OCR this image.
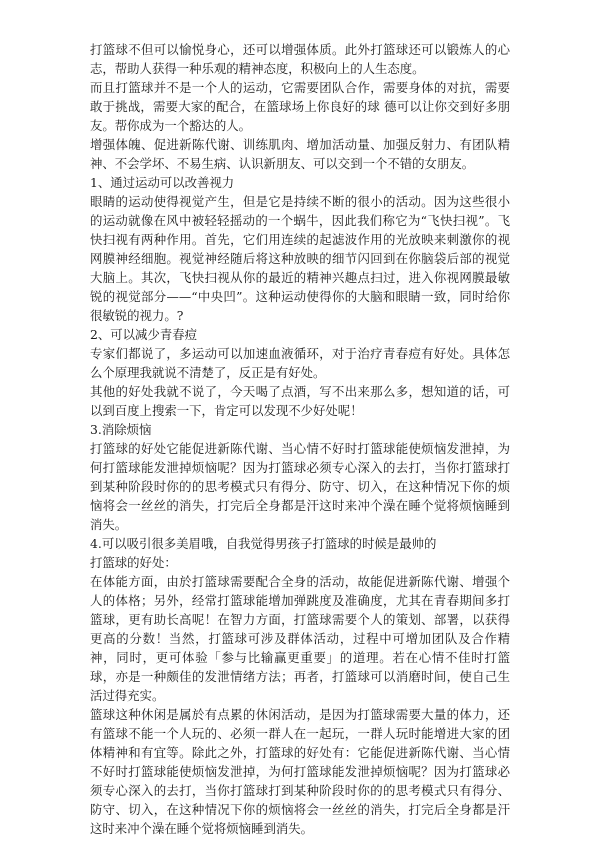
打篮球不但可以愉悦身心，还可以增强体质。此外打篮球还可以锻炼人的心志，帮助人获得一种乐观的精神态度，积极向上的人生态度。

而且打篮球并不是一个人的运动，它需要团队合作，需要身体的对抗，需要敢于挑战，需要大家的配合，在篮球场上你良好的球 德可以让你交到好多朋友。帮你成为一个豁达的人。

增强体魄、促进新陈代谢、训练肌肉、增加活动量、加强反射力、有团队精神、不会学坏、不易生病、认识新朋友、可以交到一个不错的女朋友。

1、通过运动可以改善视力

眼睛的运动使得视觉产生，但是它是持续不断的很小的活动。因为这些很小的运动就像在风中被轻轻摇动的一个蜗牛，因此我们称它为“飞快扫视”。飞快扫视有两种作用。首先，它们用连续的起滤波作用的光放映来刺激你的视网膜神经细胞。视觉神经随后将这种放映的细节闪回到在你脑袋后部的视觉大脑上。其次，飞快扫视从你的最近的精神兴趣点扫过，进入你视网膜最敏锐的视觉部分——“中央凹”。这种运动使得你的大脑和眼睛一致，同时给你很敏锐的视力。?

2、可以减少青春痘

专家们都说了，多运动可以加速血液循环，对于治疗青春痘有好处。具体怎么个原理我就说不清楚了，反正是有好处。

其他的好处我就不说了，今天喝了点酒，写不出来那么多，想知道的话，可以到百度上搜索一下，肯定可以发现不少好处呢！

3.消除烦恼

打篮球的好处它能促进新陈代谢、当心情不好时打篮球能使烦恼发泄掉，为何打篮球能发泄掉烦恼呢？因为打篮球必须专心深入的去打，当你打篮球打到某种阶段时你的的思考模式只有得分、防守、切入，在这种情况下你的烦恼将会一丝丝的消失，打完后全身都是汗这时来冲个澡在睡个觉将烦恼睡到消失。

4.可以吸引很多美眉哦，自我觉得男孩子打篮球的时候是最帅的

打篮球的好处：

在体能方面，由於打篮球需要配合全身的活动，故能促进新陈代谢、增强个人的体格；另外，经常打篮球能增加弹跳度及准确度，尤其在青春期间多打篮球，更有助长高呢！在智力方面，打篮球需要个人的策划、部署，以获得更高的分数！当然，打篮球可涉及群体活动，过程中可增加团队及合作精神，同时，更可体验「参与比输赢更重要」的道理。若在心情不佳时打篮球，亦是一种颇佳的发泄情绪方法；再者，打篮球可以消磨时间，使自己生活过得充实。

篮球这种休闲是属於有点累的休闲活动，是因为打篮球需要大量的体力，还有篮球不能一个人玩的、必须一群人在一起玩，一群人玩时能增进大家的团体精神和有宜等。除此之外，打篮球的好处有：它能促进新陈代谢、当心情不好时打篮球能使烦恼发泄掉，为何打篮球能发泄掉烦恼呢？因为打篮球必须专心深入的去打，当你打篮球打到某种阶段时你的的思考模式只有得分、防守、切入，在这种情况下你的烦恼将会一丝丝的消失，打完后全身都是汗这时来冲个澡在睡个觉将烦恼睡到消失。
